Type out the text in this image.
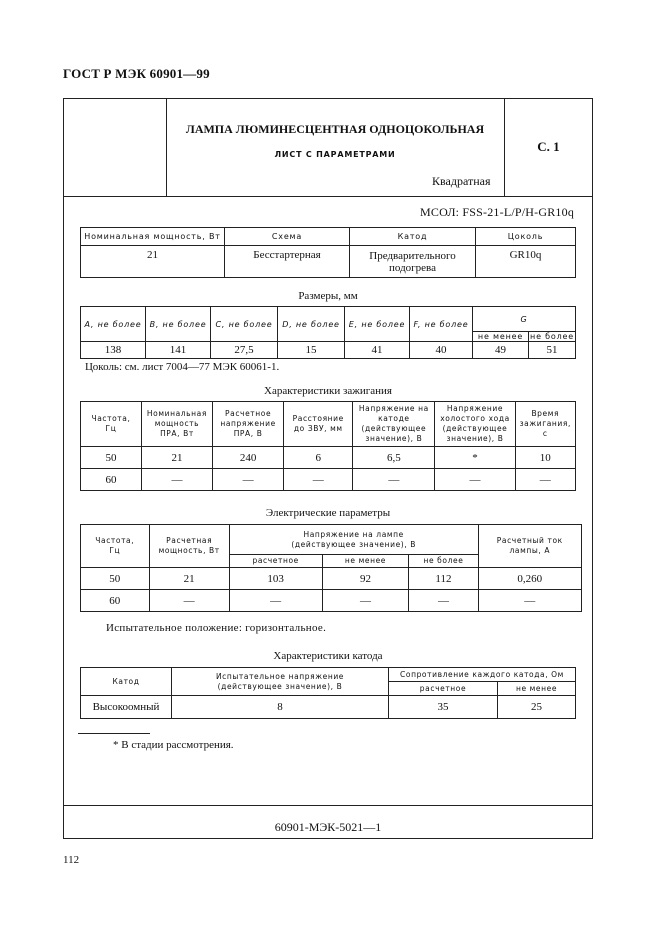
ГОСТ Р МЭК 60901—99
ЛАМПА ЛЮМИНЕСЦЕНТНАЯ ОДНОЦОКОЛЬНАЯ
ЛИСТ С ПАРАМЕТРАМИ
Квадратная
С. 1
МСОЛ: FSS-21-L/P/H-GR10q
Номинальная мощность, Вт	Схема	Катод	Цоколь
21	Бесстартерная	Предварительного подогрева	GR10q
Размеры, мм
A, не более	B, не более	C, не более	D, не более	E, не более	F, не более	G	
						не менее	не более
138	141	27,5	15	41	40	49	51
Цоколь: см. лист 7004—77 МЭК 60061-1.
Характеристики зажигания
Частота, Гц	Номинальная мощность ПРА, Вт	Расчетное напряжение ПРА, В	Расстояние до ЗВУ, мм	Напряжение на катоде (действующее значение), В	Напряжение холостого хода (действующее значение), В	Время зажигания, с
50	21	240	6	6,5	*	10
60	—	—	—	—	—	—
Электрические параметры
Частота, Гц	Расчетная мощность, Вт	Напряжение на лампе (действующее значение), В			Расчетный ток лампы, А
		расчетное	не менее	не более	
50	21	103	92	112	0,260
60	—	—	—	—	—
Испытательное положение: горизонтальное.
Характеристики катода
Катод	Испытательное напряжение (действующее значение), В	Сопротивление каждого катода, Ом	
		расчетное	не менее
Высокоомный	8	35	25
* В стадии рассмотрения.
60901-МЭК-5021—1
112
